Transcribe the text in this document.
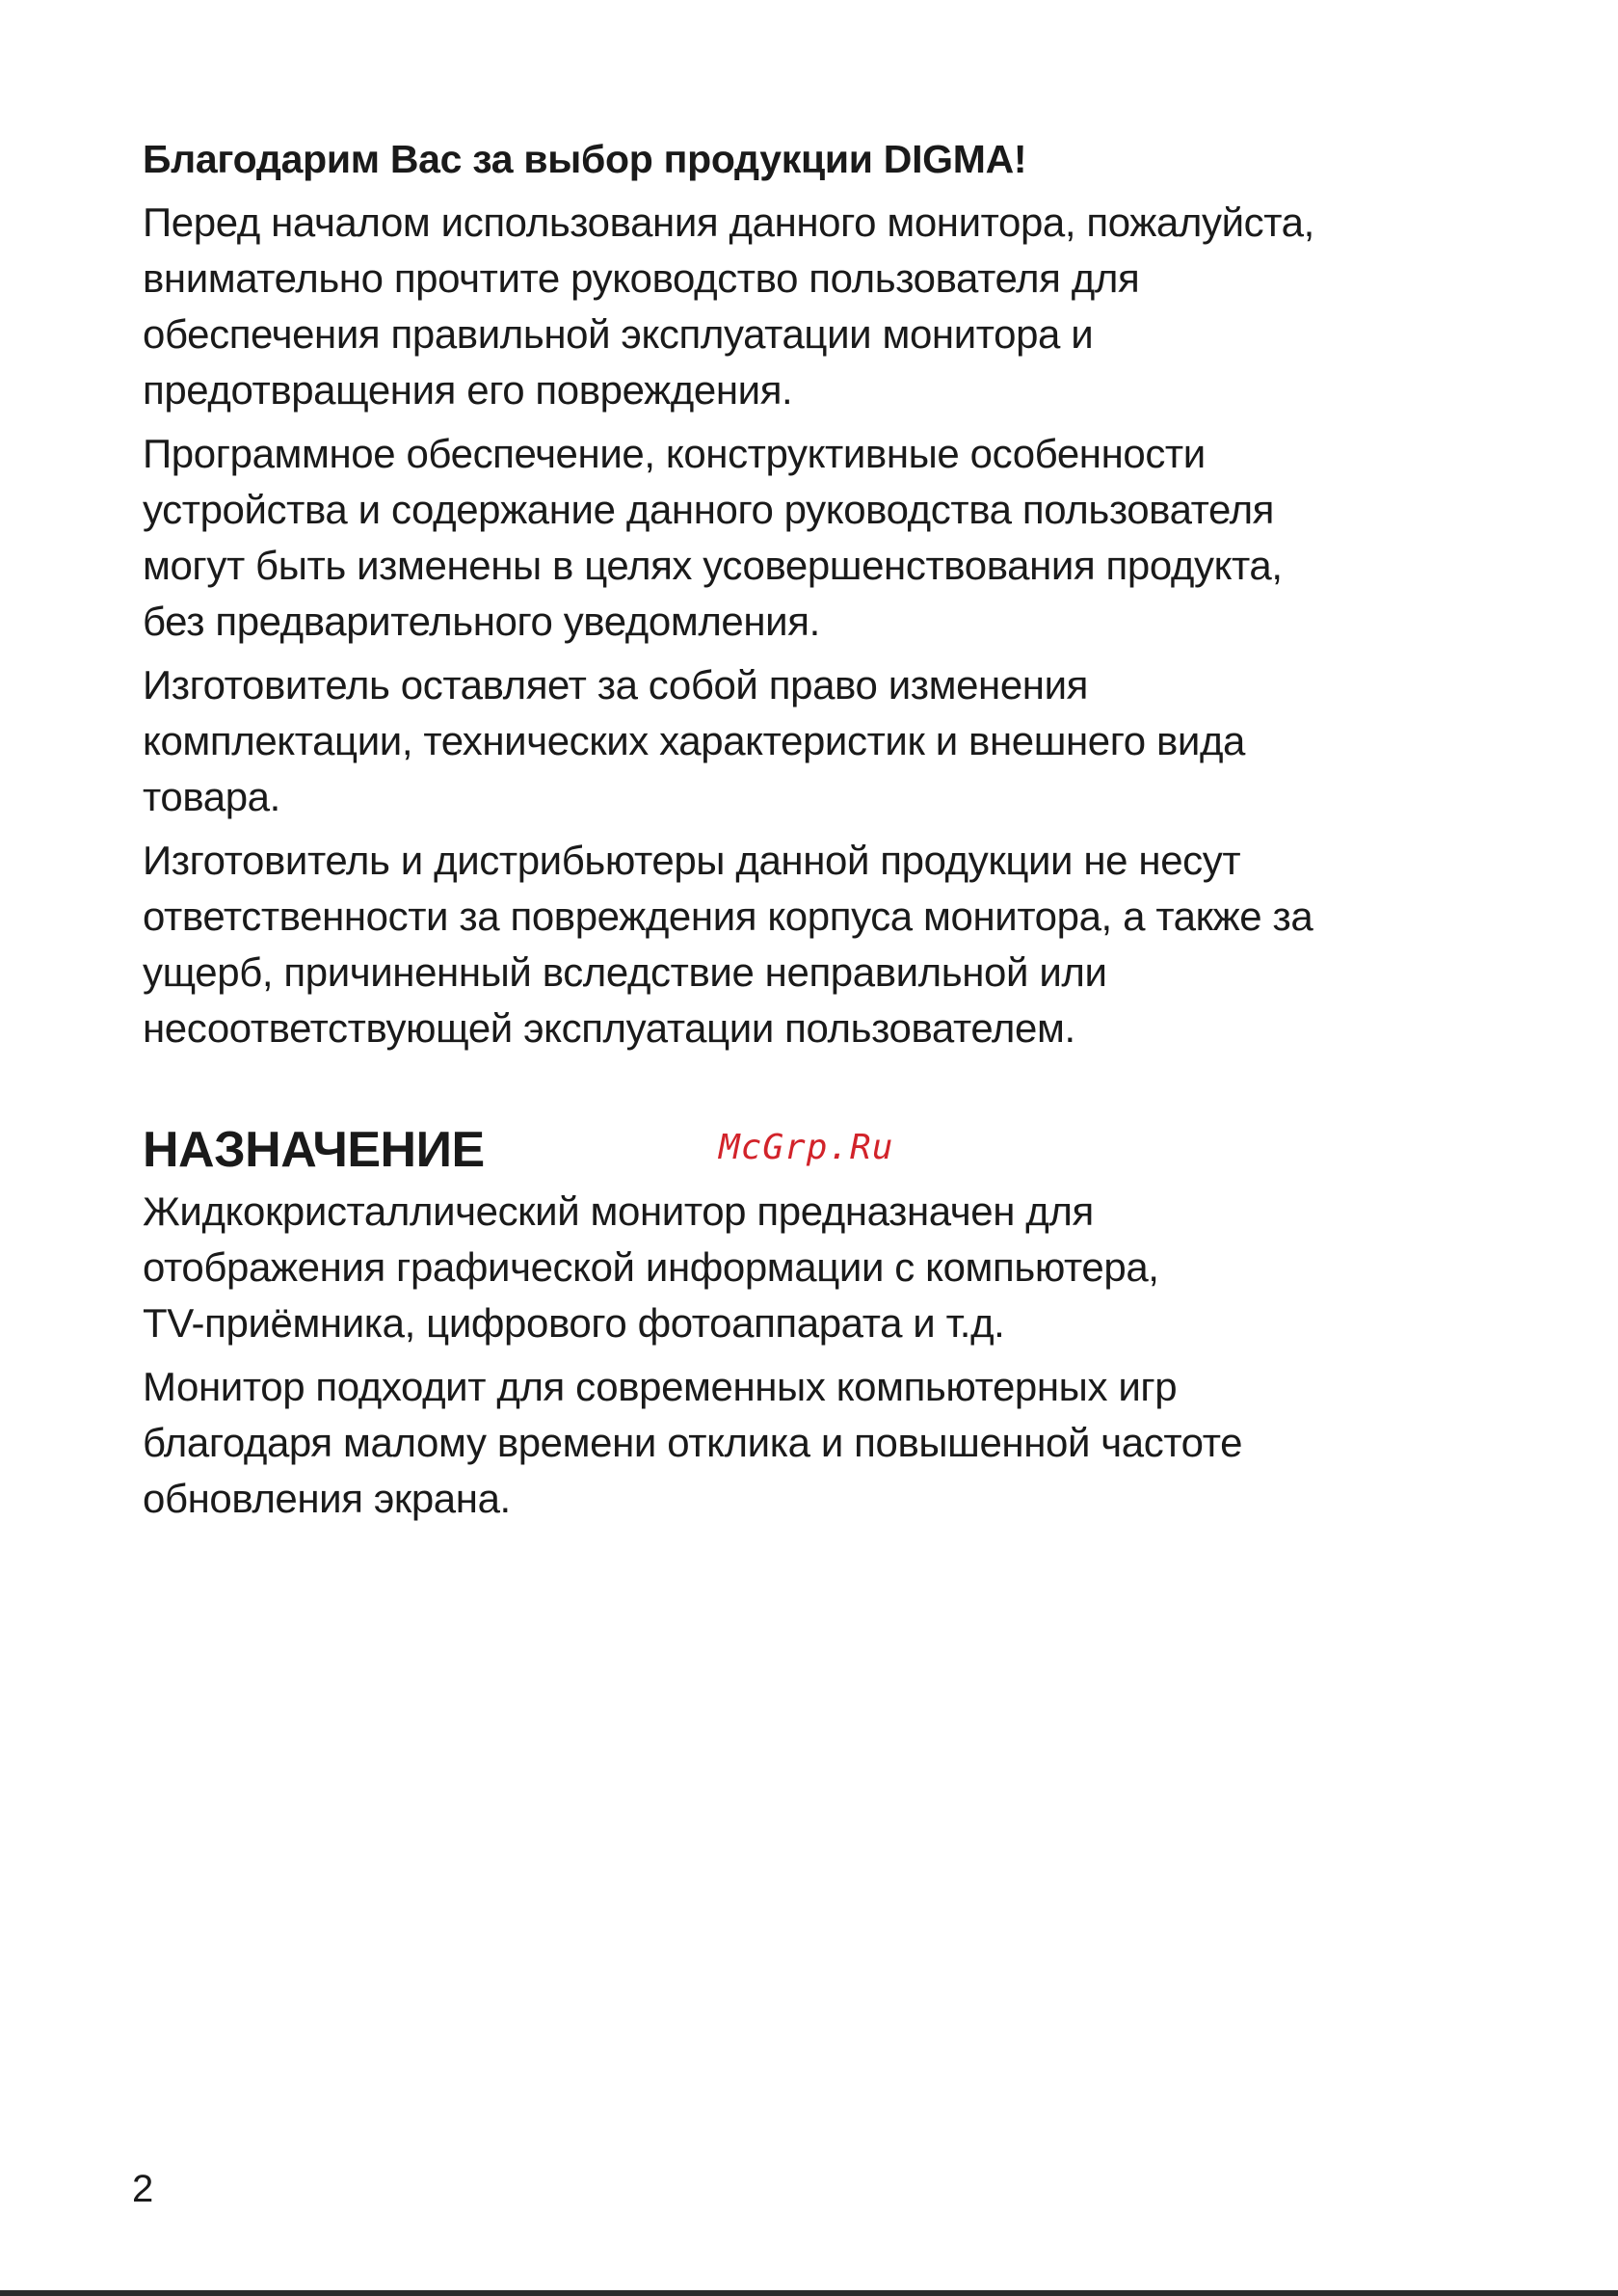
Благодарим Вас за выбор продукции DIGMA!

Перед началом использования данного монитора, пожалуйста,
внимательно прочтите руководство пользователя для
обеспечения правильной эксплуатации монитора и
предотвращения его повреждения.

Программное обеспечение, конструктивные особенности
устройства и содержание данного руководства пользователя
могут быть изменены в целях усовершенствования продукта,
без предварительного уведомления.

Изготовитель оставляет за собой право изменения
комплектации, технических характеристик и внешнего вида
товара.

Изготовитель и дистрибьютеры данной продукции не несут
ответственности за повреждения корпуса монитора, а также за
ущерб, причиненный вследствие неправильной или
несоответствующей эксплуатации пользователем.

НАЗНАЧЕНИЕ	McGrp.Ru

Жидкокристаллический монитор предназначен для
отображения графической информации с компьютера,
TV-приёмника, цифрового фотоаппарата и т.д.

Монитор подходит для современных компьютерных игр
благодаря малому времени отклика и повышенной частоте
обновления экрана.

2
